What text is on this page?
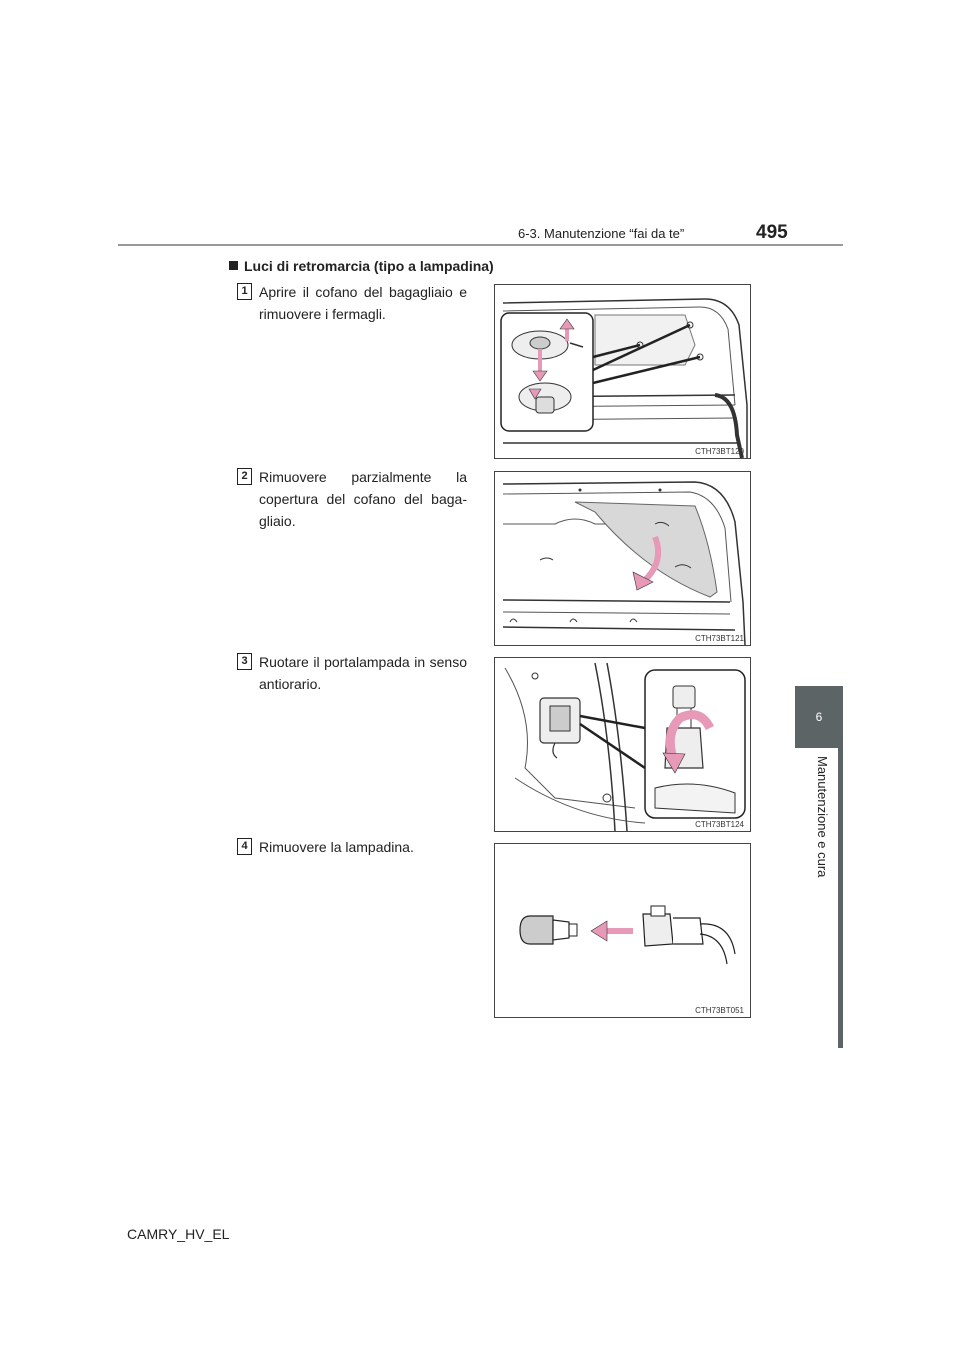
6-3. Manutenzione “fai da te”	495
6
Manutenzione e cura
Luci di retromarcia (tipo a lampadina)
1 Aprire il cofano del bagagliaio e rimuovere i fermagli.
CTH73BT120
2 Rimuovere parzialmente la copertura del cofano del baga-gliaio.
CTH73BT121
3 Ruotare il portalampada in senso antiorario.
CTH73BT124
4 Rimuovere la lampadina.
CTH73BT051
CAMRY_HV_EL
